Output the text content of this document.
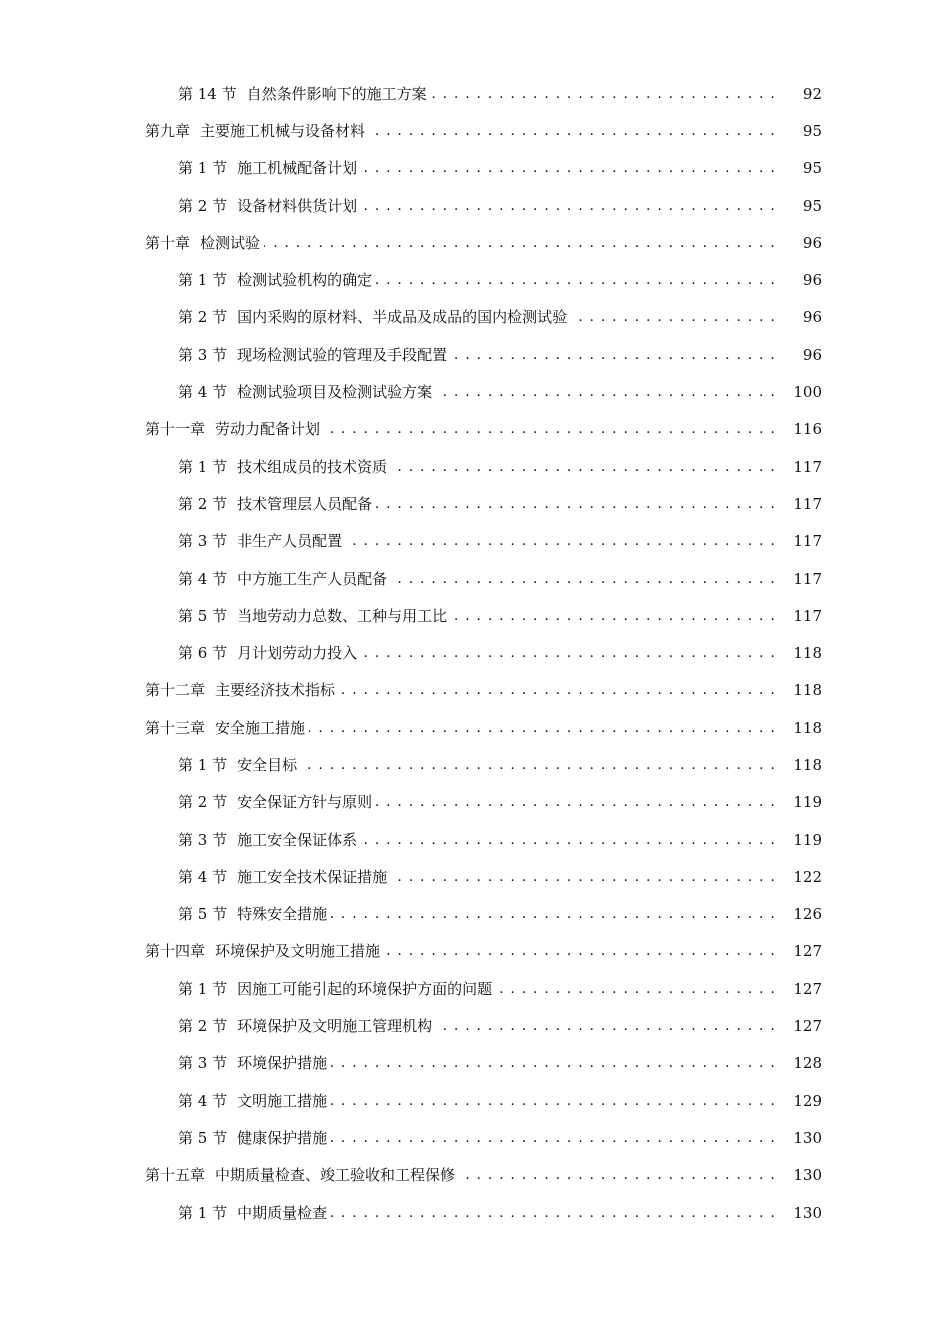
第 14 节 自然条件影响下的施工方案 . . .	92
第九章 主要施工机械与设备材料 . . .	95
第 1 节 施工机械配备计划 . . .	95
第 2 节 设备材料供货计划 . . .	95
第十章 检测试验 . . .	96
第 1 节 检测试验机构的确定 . . .	96
第 2 节 国内采购的原材料、半成品及成品的国内检测试验 . . .	96
第 3 节 现场检测试验的管理及手段配置 . . .	96
第 4 节 检测试验项目及检测试验方案 . . .	100
第十一章 劳动力配备计划 . . .	116
第 1 节 技术组成员的技术资质 . . .	117
第 2 节 技术管理层人员配备 . . .	117
第 3 节 非生产人员配置 . . .	117
第 4 节 中方施工生产人员配备 . . .	117
第 5 节 当地劳动力总数、工种与用工比 . . .	117
第 6 节 月计划劳动力投入 . . .	118
第十二章 主要经济技术指标 . . .	118
第十三章 安全施工措施 . . .	118
第 1 节 安全目标 . . .	118
第 2 节 安全保证方针与原则 . . .	119
第 3 节 施工安全保证体系 . . .	119
第 4 节 施工安全技术保证措施 . . .	122
第 5 节 特殊安全措施 . . .	126
第十四章 环境保护及文明施工措施 . . .	127
第 1 节 因施工可能引起的环境保护方面的问题 . . .	127
第 2 节 环境保护及文明施工管理机构 . . .	127
第 3 节 环境保护措施 . . .	128
第 4 节 文明施工措施 . . .	129
第 5 节 健康保护措施 . . .	130
第十五章 中期质量检查、竣工验收和工程保修 . . .	130
第 1 节 中期质量检查 . . .	130
